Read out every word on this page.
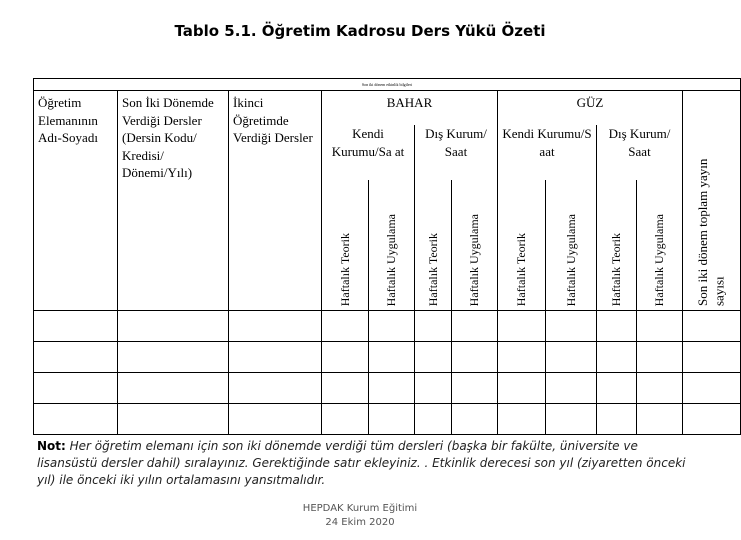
Tablo 5.1. Öğretim Kadrosu Ders Yükü Özeti
Son iki dönem etkinlik bilgileri											
Öğretim Elemanının Adı-Soyadı	Son İki Dönemde Verdiği Dersler (Dersin Kodu/ Kredisi/ Dönemi/Yılı)	İkinci Öğretimde Verdiği Dersler	BAHAR				GÜZ				Son iki dönem toplam yayın sayısı

			Kendi Kurumu/Sa at		Dış Kurum/ Saat		Kendi Kurumu/S aat		Dış Kurum/ Saat		

			Haftalık Teorik	Haftalık Uygulama	Haftalık Teorik	Haftalık Uygulama	Haftalık Teorik	Haftalık Uygulama	Haftalık Teorik	Haftalık Uygulama	

Not: Her öğretim elemanı için son iki dönemde verdiği tüm dersleri (başka bir fakülte, üniversite ve lisansüstü dersler dahil) sıralayınız. Gerektiğinde satır ekleyiniz. . Etkinlik derecesi son yıl (ziyaretten önceki yıl) ile önceki iki yılın ortalamasını yansıtmalıdır.
HEPDAK Kurum Eğitimi
24 Ekim 2020
